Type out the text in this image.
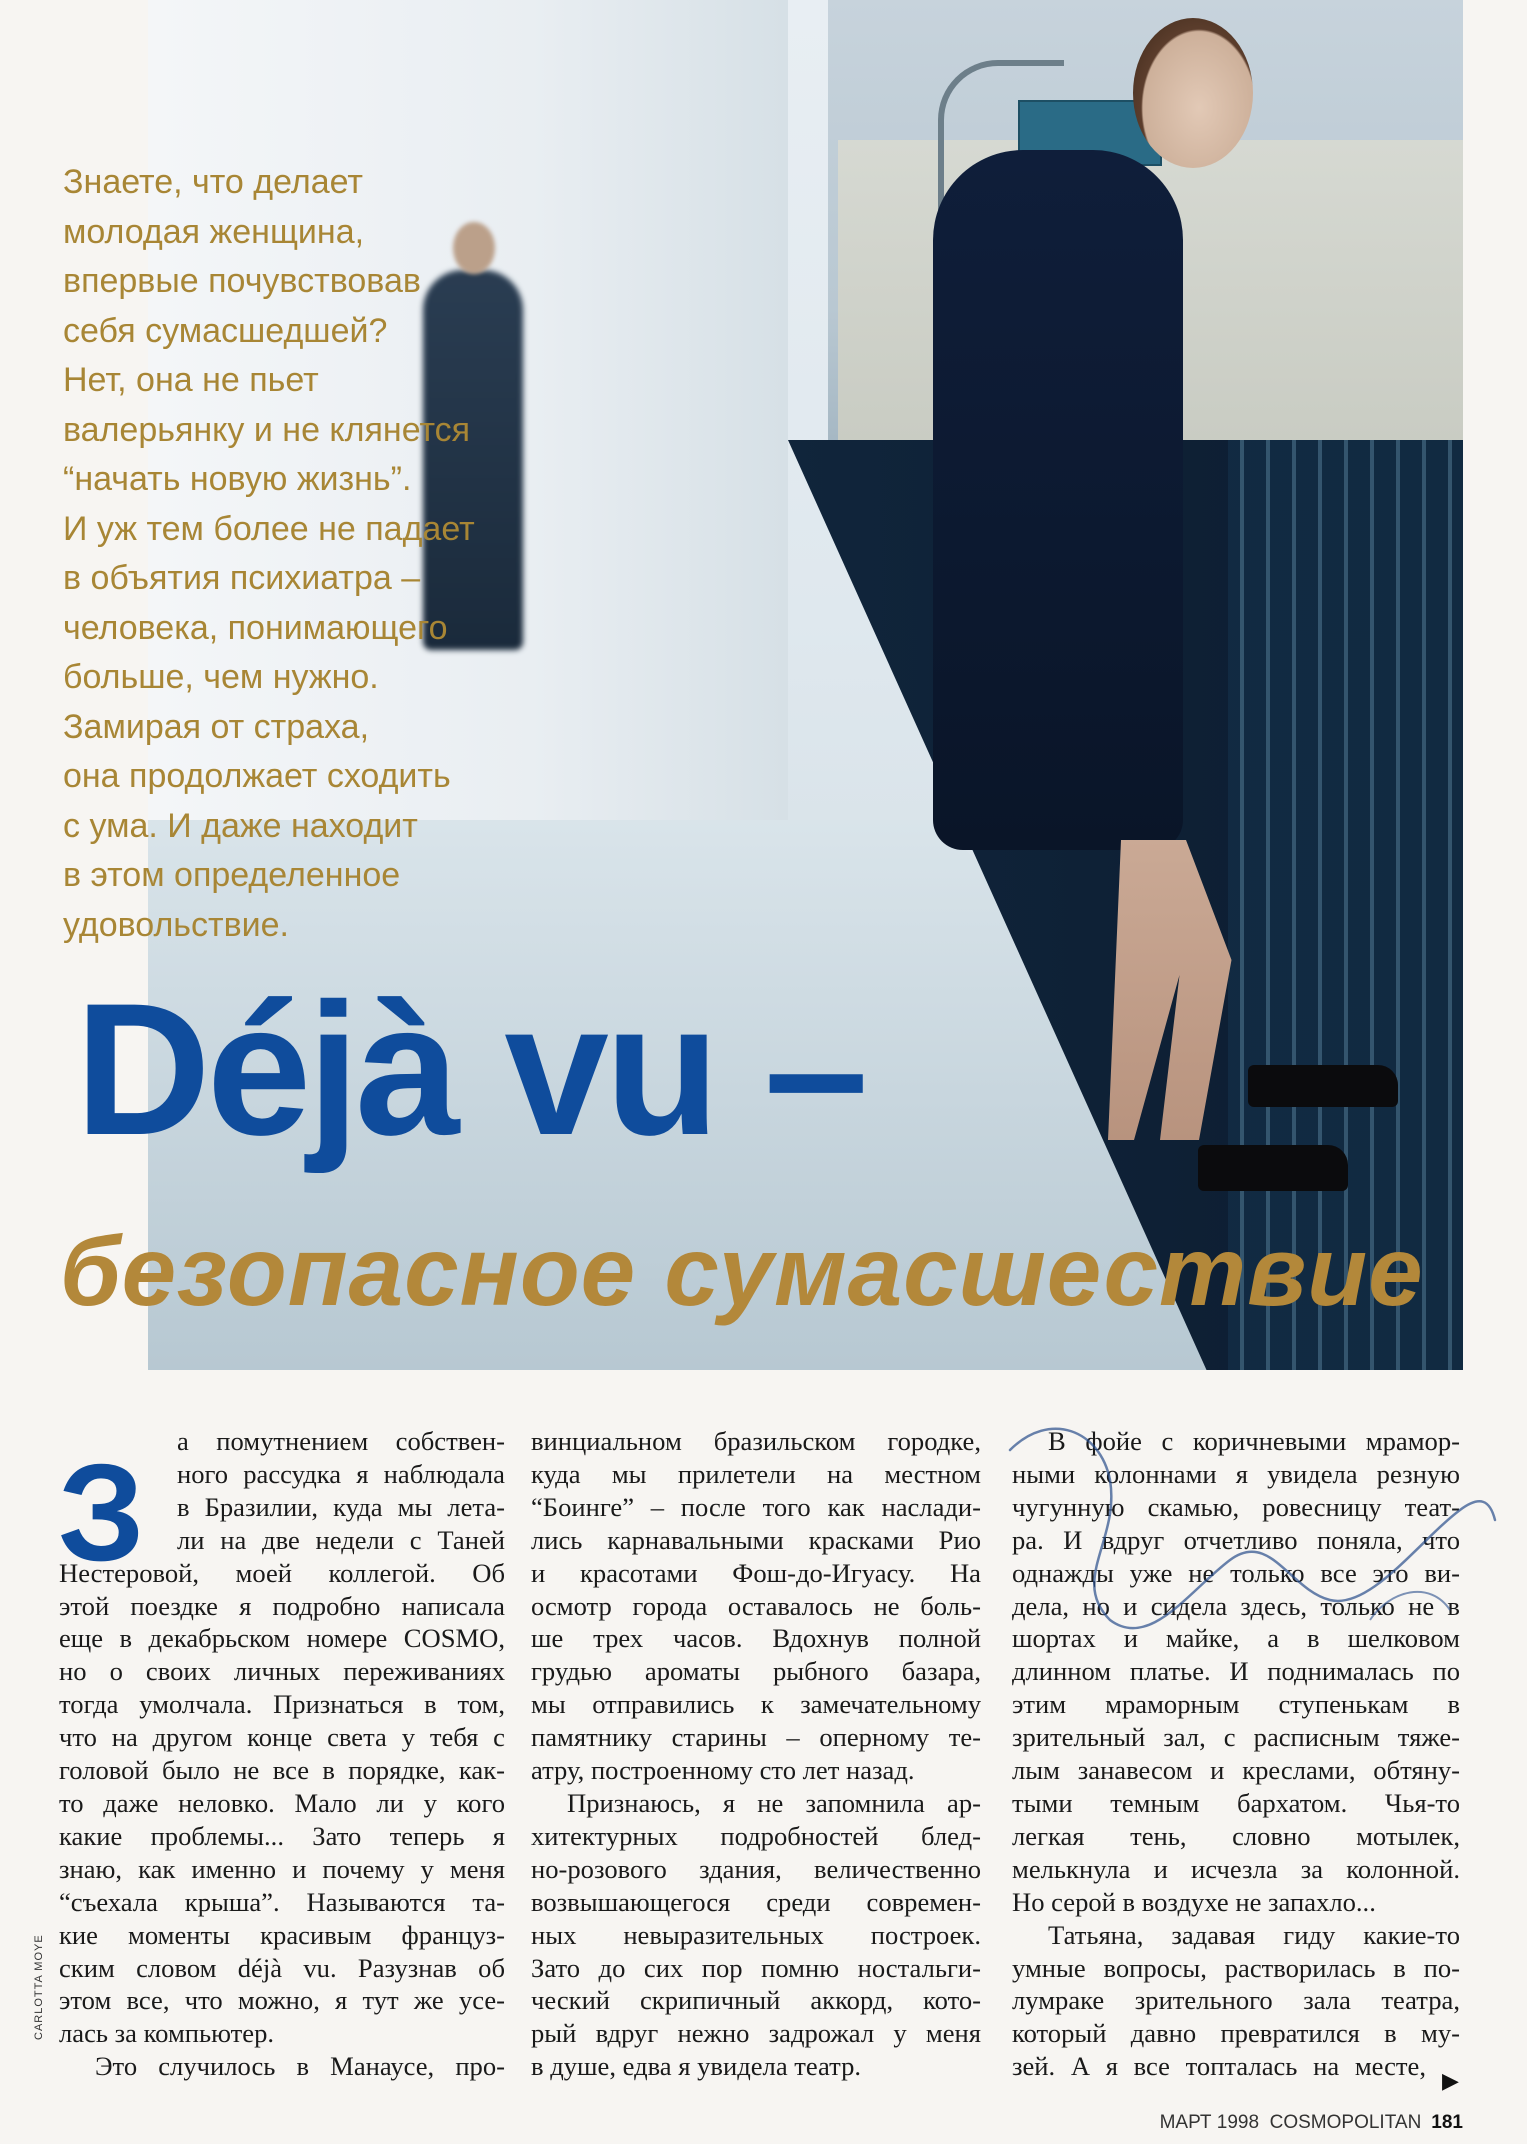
Знаете, что делает
молодая женщина,
впервые почувствовав
себя сумасшедшей?
Нет, она не пьет
валерьянку и не клянется
“начать новую жизнь”.
И уж тем более не падает
в объятия психиатра –
человека, понимающего
больше, чем нужно.
Замирая от страха,
она продолжает сходить
с ума. И даже находит
в этом определенное
удовольствие.
Déjà vu –
безопасное сумасшествие
З	а помутнением собствен-
ного рассудка я наблюдала
в Бразилии, куда мы лета-
ли на две недели с Таней
Нестеровой, моей коллегой. Об
этой поездке я подробно написала
еще в декабрьском номере COSMO,
но о своих личных переживаниях
тогда умолчала. Признаться в том,
что на другом конце света у тебя с
головой было не все в порядке, как-
то даже неловко. Мало ли у кого
какие проблемы... Зато теперь я
знаю, как именно и почему у меня
“съехала крыша”. Называются та-
кие моменты красивым француз-
ским словом déjà vu. Разузнав об
этом все, что можно, я тут же усе-
лась за компьютер.
Это случилось в Манаусе, про-
винциальном бразильском городке,
куда мы прилетели на местном
“Боинге” – после того как наслади-
лись карнавальными красками Рио
и красотами Фош-до-Игуасу. На
осмотр города оставалось не боль-
ше трех часов. Вдохнув полной
грудью ароматы рыбного базара,
мы отправились к замечательному
памятнику старины – оперному те-
атру, построенному сто лет назад.
Признаюсь, я не запомнила ар-
хитектурных подробностей блед-
но-розового здания, величественно
возвышающегося среди современ-
ных невыразительных построек.
Зато до сих пор помню ностальги-
ческий скрипичный аккорд, кото-
рый вдруг нежно задрожал у меня
в душе, едва я увидела театр.
В фойе с коричневыми мрамор-
ными колоннами я увидела резную
чугунную скамью, ровесницу теат-
ра. И вдруг отчетливо поняла, что
однажды уже не только все это ви-
дела, но и сидела здесь, только не в
шортах и майке, а в шелковом
длинном платье. И поднималась по
этим мраморным ступенькам в
зрительный зал, с расписным тяже-
лым занавесом и креслами, обтяну-
тыми темным бархатом. Чья-то
легкая тень, словно мотылек,
мелькнула и исчезла за колонной.
Но серой в воздухе не запахло...
Татьяна, задавая гиду какие-то
умные вопросы, растворилась в по-
лумраке зрительного зала театра,
который давно превратился в му-
зей. А я все топталась на месте, ▶
CARLOTTA MOYE
МАРТ 1998 COSMOPOLITAN 181
